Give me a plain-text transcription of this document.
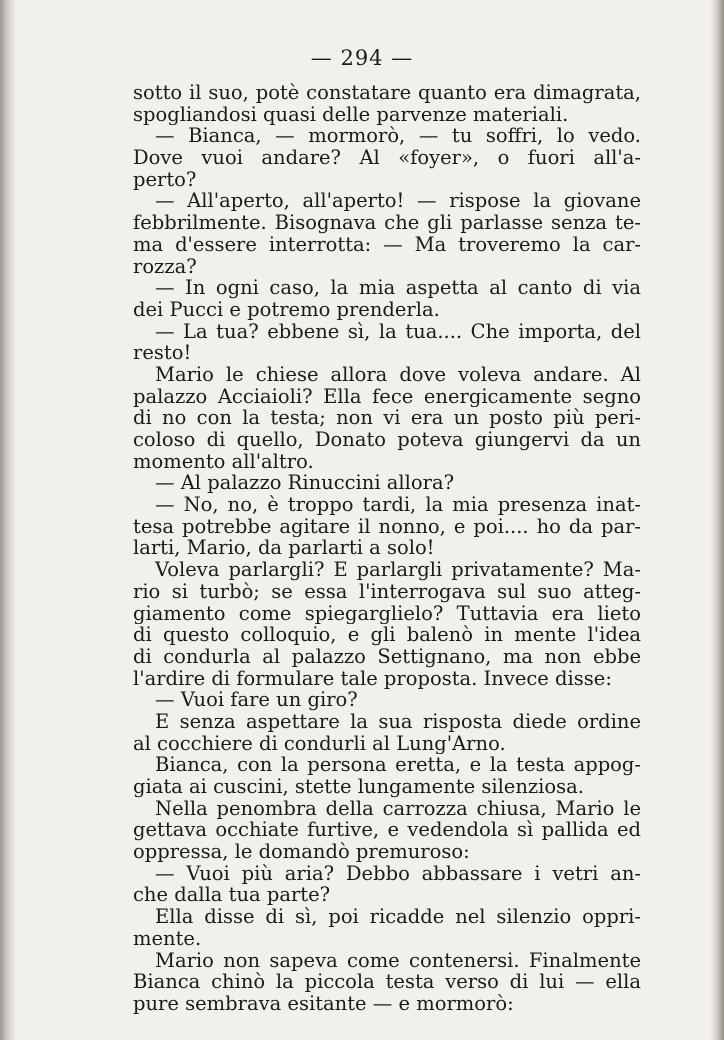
— 294 —
sotto il suo, potè constatare quanto era dimagrata,
spogliandosi quasi delle parvenze materiali.
— Bianca, — mormorò, — tu soffri, lo vedo.
Dove vuoi andare? Al «foyer», o fuori all'a-
perto?
— All'aperto, all'aperto! — rispose la giovane
febbrilmente. Bisognava che gli parlasse senza te-
ma d'essere interrotta: — Ma troveremo la car-
rozza?
— In ogni caso, la mia aspetta al canto di via
dei Pucci e potremo prenderla.
— La tua? ebbene sì, la tua.... Che importa, del
resto!
Mario le chiese allora dove voleva andare. Al
palazzo Acciaioli? Ella fece energicamente segno
di no con la testa; non vi era un posto più peri-
coloso di quello, Donato poteva giungervi da un
momento all'altro.
— Al palazzo Rinuccini allora?
— No, no, è troppo tardi, la mia presenza inat-
tesa potrebbe agitare il nonno, e poi.... ho da par-
larti, Mario, da parlarti a solo!
Voleva parlargli? E parlargli privatamente? Ma-
rio si turbò; se essa l'interrogava sul suo atteg-
giamento come spiegarglielo? Tuttavia era lieto
di questo colloquio, e gli balenò in mente l'idea
di condurla al palazzo Settignano, ma non ebbe
l'ardire di formulare tale proposta. Invece disse:
— Vuoi fare un giro?
E senza aspettare la sua risposta diede ordine
al cocchiere di condurli al Lung'Arno.
Bianca, con la persona eretta, e la testa appog-
giata ai cuscini, stette lungamente silenziosa.
Nella penombra della carrozza chiusa, Mario le
gettava occhiate furtive, e vedendola sì pallida ed
oppressa, le domandò premuroso:
— Vuoi più aria? Debbo abbassare i vetri an-
che dalla tua parte?
Ella disse di sì, poi ricadde nel silenzio oppri-
mente.
Mario non sapeva come contenersi. Finalmente
Bianca chinò la piccola testa verso di lui — ella
pure sembrava esitante — e mormorò:
